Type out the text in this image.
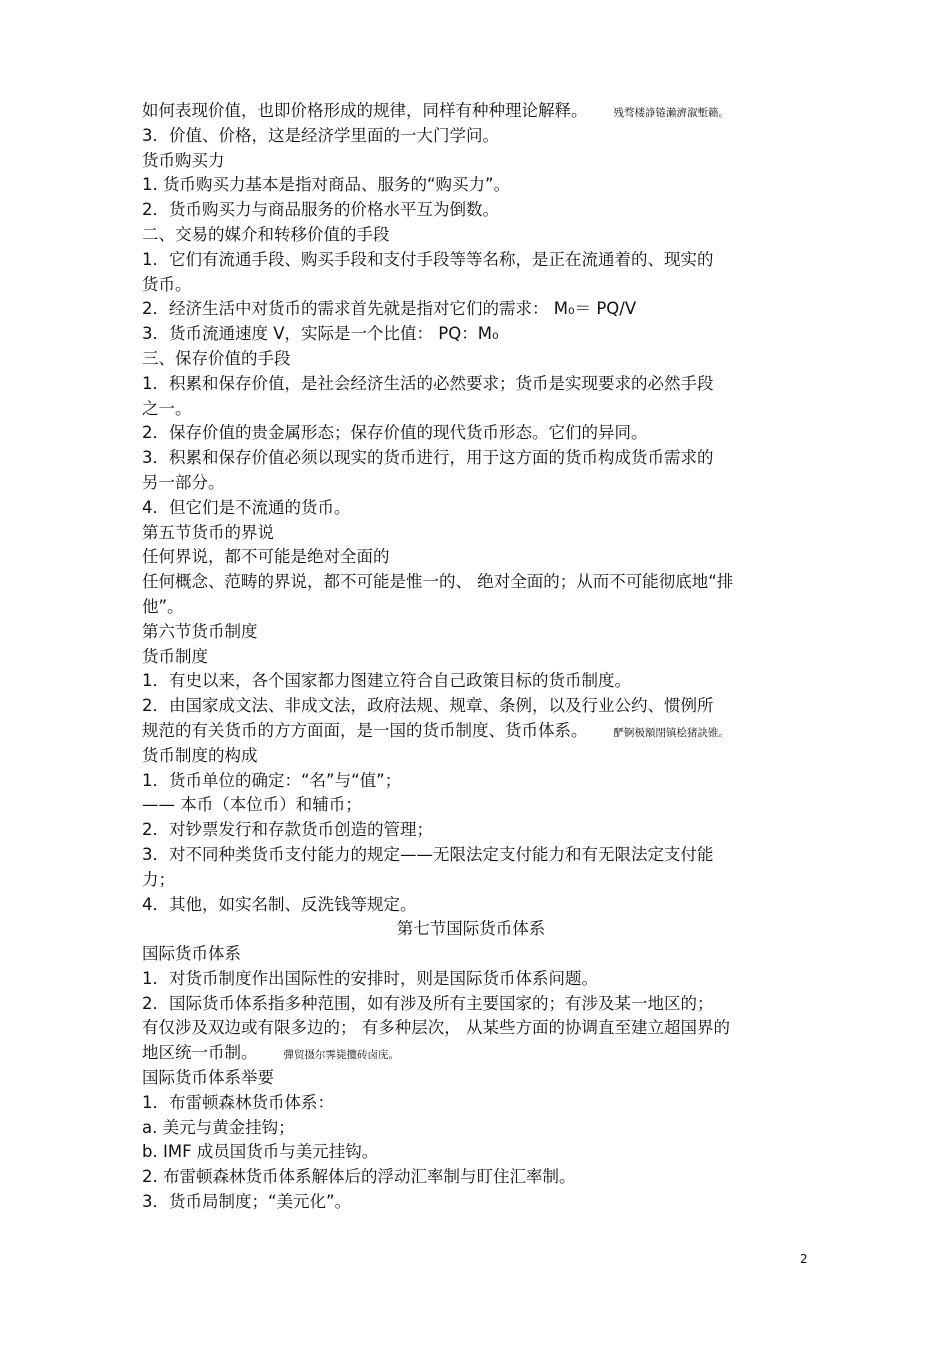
如何表现价值，也即价格形成的规律，同样有种种理论解释。 残骛楼諍锩瀨濟溆塹籟。
3．价值、价格，这是经济学里面的一大门学问。
货币购买力
1. 货币购买力基本是指对商品、服务的“购买力”。
2．货币购买力与商品服务的价格水平互为倒数。
二、交易的媒介和转移价值的手段
1．它们有流通手段、购买手段和支付手段等等名称，是正在流通着的、现实的
货币。
2．经济生活中对货币的需求首先就是指对它们的需求： M₀＝ PQ/V
3．货币流通速度 V，实际是一个比值： PQ：M₀
三、保存价值的手段
1．积累和保存价值，是社会经济生活的必然要求；货币是实现要求的必然手段
之一。
2．保存价值的贵金属形态；保存价值的现代货币形态。它们的异同。
3．积累和保存价值必须以现实的货币进行，用于这方面的货币构成货币需求的
另一部分。
4．但它们是不流通的货币。
第五节货币的界说
任何界说，都不可能是绝对全面的
任何概念、范畴的界说，都不可能是惟一的、 绝对全面的；从而不可能彻底地“排
他”。
第六节货币制度
货币制度
1．有史以来，各个国家都力图建立符合自己政策目标的货币制度。
2．由国家成文法、非成文法，政府法规、规章、条例，以及行业公约、惯例所
规范的有关货币的方方面面，是一国的货币制度、货币体系。 酽锕极額閉镇桧猪訣锥。
货币制度的构成
1．货币单位的确定：“名”与“值”；
—— 本币（本位币）和辅币；
2．对钞票发行和存款货币创造的管理；
3．对不同种类货币支付能力的规定——无限法定支付能力和有无限法定支付能
力；
4．其他，如实名制、反洗钱等规定。
第七节国际货币体系
国际货币体系
1．对货币制度作出国际性的安排时，则是国际货币体系问题。
2．国际货币体系指多种范围，如有涉及所有主要国家的；有涉及某一地区的；
有仅涉及双边或有限多边的； 有多种层次， 从某些方面的协调直至建立超国界的
地区统一币制。 彈贸摄尔霁毙攬砖卤庑。
国际货币体系举要
1．布雷顿森林货币体系：
a. 美元与黄金挂钩；
b. IMF 成员国货币与美元挂钩。
2. 布雷顿森林货币体系解体后的浮动汇率制与盯住汇率制。
3．货币局制度；“美元化”。
2
